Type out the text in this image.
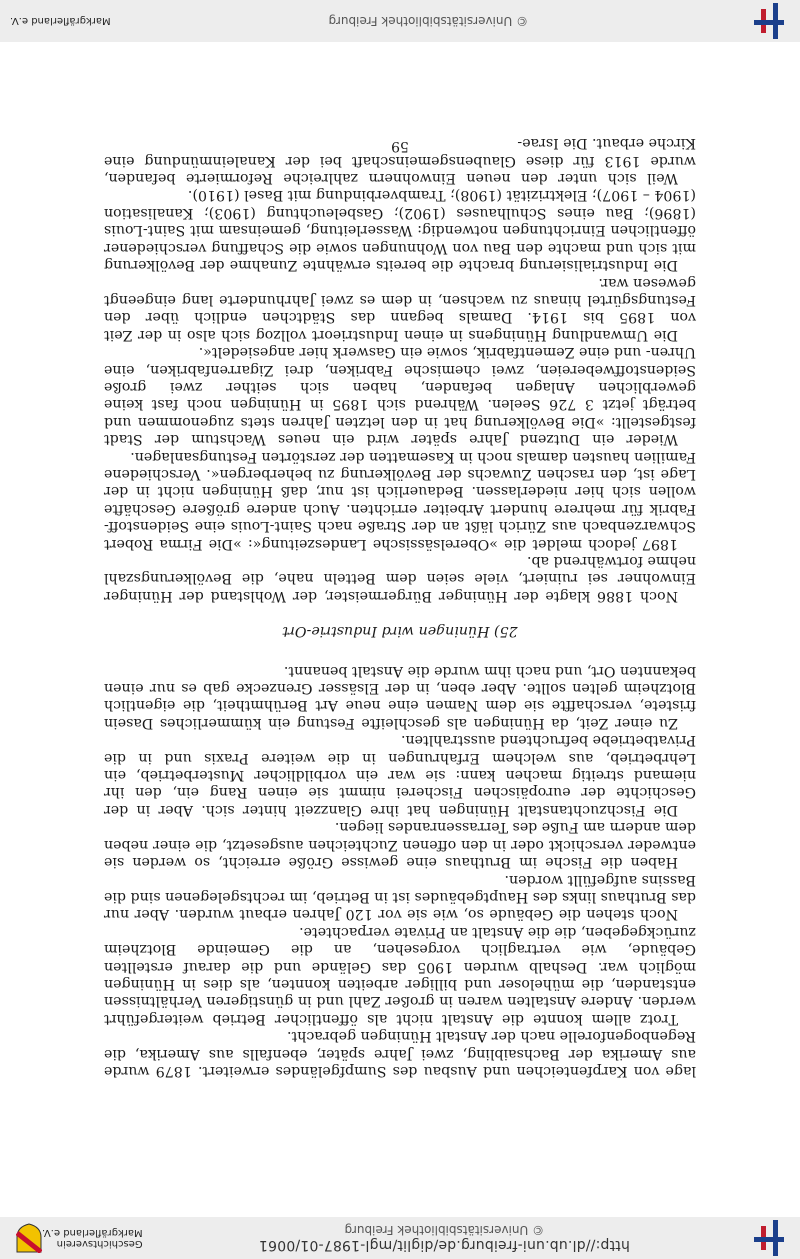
http://dl.ub.uni-freiburg.de/diglit/mgl-1987-01/0061
© Universitätsbibliothek Freiburg
Geschichtsverein
Markgräflerland e.V.

lage von Karpfenteichen und Ausbau des Sumpfgeländes erweitert. 1879 wurde aus Amerika der Bachsaibling, zwei Jahre später, ebenfalls aus Amerika, die Regenbogenforelle nach der Anstalt Hüningen gebracht.

Trotz allem konnte die Anstalt nicht als öffentlicher Betrieb weitergeführt werden. Andere Anstalten waren in großer Zahl und in günstigeren Verhältnissen entstanden, die müheloser und billiger arbeiten konnten, als dies in Hüningen möglich war. Deshalb wurden 1905 das Gelände und die darauf erstellten Gebäude, wie vertraglich vorgesehen, an die Gemeinde Blotzheim zurückgegeben, die die Anstalt an Private verpachtete.

Noch stehen die Gebäude so, wie sie vor 120 Jahren erbaut wurden. Aber nur das Bruthaus links des Hauptgebäudes ist in Betrieb, im rechtsgelegenen sind die Bassins aufgefüllt worden.

Haben die Fische im Bruthaus eine gewisse Größe erreicht, so werden sie entweder verschickt oder in den offenen Zuchteichen ausgesetzt, die einer neben dem andern am Fuße des Terrassenrandes liegen.

Die Fischzuchtanstalt Hüningen hat ihre Glanzzeit hinter sich. Aber in der Geschichte der europäischen Fischerei nimmt sie einen Rang ein, den ihr niemand streitig machen kann: sie war ein vorbildlicher Musterbetrieb, ein Lehrbetrieb, aus welchem Erfahrungen in die weitere Praxis und in die Privatbetriebe befruchtend ausstrahlten.

Zu einer Zeit, da Hüningen als geschleifte Festung ein kümmerliches Dasein fristete, verschaffte sie dem Namen eine neue Art Berühmtheit, die eigentlich Blotzheim gelten sollte. Aber eben, in der Elsässer Grenzecke gab es nur einen bekannten Ort, und nach ihm wurde die Anstalt benannt.

25) Hüningen wird Industrie-Ort

Noch 1886 klagte der Hüninger Bürgermeister, der Wohlstand der Hüninger Einwohner sei ruiniert, viele seien dem Betteln nahe, die Bevölkerungszahl nehme fortwährend ab.

1897 jedoch meldet die »Oberelsässische Landeszeitung«: »Die Firma Robert Schwarzenbach aus Zürich läßt an der Straße nach Saint-Louis eine Seidenstoff-Fabrik für mehrere hundert Arbeiter errichten. Auch andere größere Geschäfte wollen sich hier niederlassen. Bedauerlich ist nur, daß Hüningen nicht in der Lage ist, den raschen Zuwachs der Bevölkerung zu beherbergen«. Verschiedene Familien hausten damals noch in Kasematten der zerstörten Festungsanlagen.

Wieder ein Dutzend Jahre später wird ein neues Wachstum der Stadt festgestellt: »Die Bevölkerung hat in den letzten Jahren stets zugenommen und beträgt jetzt 3 726 Seelen. Während sich 1895 in Hüningen noch fast keine gewerblichen Anlagen befanden, haben sich seither zwei große Seidenstoffwebereien, zwei chemische Fabriken, drei Zigarrenfabriken, eine Uhren- und eine Zementfabrik, sowie ein Gaswerk hier angesiedelt«.

Die Umwandlung Hüningens in einen Industrieort vollzog sich also in der Zeit von 1895 bis 1914. Damals begann das Städtchen endlich über den Festungsgürtel hinaus zu wachsen, in dem es zwei Jahrhunderte lang eingeengt gewesen war.

Die Industrialisierung brachte die bereits erwähnte Zunahme der Bevölkerung mit sich und machte den Bau von Wohnungen sowie die Schaffung verschiedener öffentlichen Einrichtungen notwendig: Wasserleitung, gemeinsam mit Saint-Louis (1896); Bau eines Schulhauses (1902); Gasbeleuchtung (1903); Kanalisation (1904 – 1907); Elektrizität (1908); Trambverbindung mit Basel (1910).

Weil sich unter den neuen Einwohnern zahlreiche Reformierte befanden, wurde 1913 für diese Glaubensgemeinschaft bei der Kanaleinmündung eine Kirche erbaut. Die Israe-

59
© Universitätsbibliothek Freiburg
Markgräflerland e.V.
